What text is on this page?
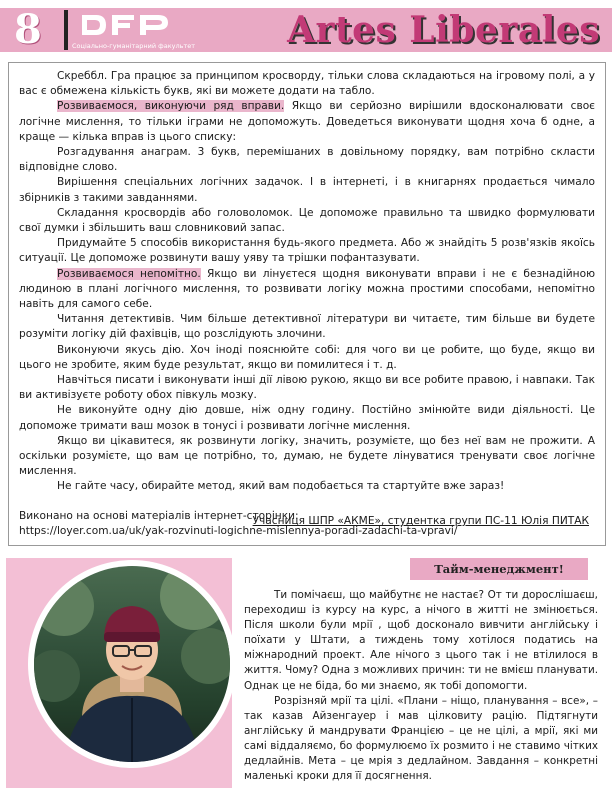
8	Соціально-гуманітарний факультет	Artes Liberales

Скреббл. Гра працює за принципом кросворду, тільки слова складаються на ігровому полі, а у вас є обмежена кількість букв, які ви можете додати на табло.

Розвиваємося, виконуючи ряд вправи. Якщо ви серйозно вирішили вдосконалювати своє логічне мислення, то тільки іграми не допоможуть. Доведеться виконувати щодня хоча б одне, а краще — кілька вправ із цього списку:

Розгадування анаграм. 3 букв, перемішаних в довільному порядку, вам потрібно скласти відповідне слово.

Вирішення спеціальних логічних задачок. І в інтернеті, і в книгарнях продається чимало збірників з такими завданнями.

Складання кросвордів або головоломок. Це допоможе правильно та швидко формулювати свої думки і збільшить ваш словниковий запас.

Придумайте 5 способів використання будь-якого предмета. Або ж знайдіть 5 розв'язків якоїсь ситуації. Це допоможе розвинути вашу уяву та трішки пофантазувати.

Розвиваємося непомітно. Якщо ви лінуєтеся щодня виконувати вправи і не є безнадійною людиною в плані логічного мислення, то розвивати логіку можна простими способами, непомітно навіть для самого себе.

Читання детективів. Чим більше детективної літератури ви читаєте, тим більше ви будете розуміти логіку дій фахівців, що розслідують злочини.

Виконуючи якусь дію. Хоч іноді пояснюйте собі: для чого ви це робите, що буде, якщо ви цього не зробите, яким буде результат, якщо ви помилитеся і т. д.

Навчіться писати і виконувати інші дії лівою рукою, якщо ви все робите правою, і навпаки. Так ви активізуєте роботу обох півкуль мозку.

Не виконуйте одну дію довше, ніж одну годину. Постійно змінюйте види діяльності. Це допоможе тримати ваш мозок в тонусі і розвивати логічне мислення.

Якщо ви цікавитеся, як розвинути логіку, значить, розумієте, що без неї вам не прожити. А оскільки розумієте, що вам це потрібно, то, думаю, не будете лінуватися тренувати своє логічне мислення.

Не гайте часу, обирайте метод, який вам подобається та стартуйте вже зараз!

Виконано на основі матеріалів інтернет-сторінки:

https://loyer.com.ua/uk/yak-rozvinuti-logichne-mislennya-poradi-zadachi-ta-vpravi/

Учасниця ШПР «АКМЕ», студентка групи ПС-11 Юлія ПИТАК
Тайм-менеджмент!

Ти помічаєш, що майбутнє не настає? От ти дорослішаєш, переходиш із курсу на курс, а нічого в житті не змінюється. Після школи були мрії , щоб досконало вивчити англійську і поїхати у Штати, а тиждень тому хотілося податись на міжнародний проект. Але нічого з цього так і не втілилося в життя. Чому? Одна з можливих причин: ти не вмієш планувати. Однак це не біда, бо ми знаємо, як тобі допомогти.

Розрізняй мрії та цілі. «Плани – ніщо, планування – все», – так казав Айзенгауер і мав цілковиту рацію. Підтягнути англійську й мандрувати Францією – це не цілі, а мрії, які ми самі віддаляємо, бо формулюємо їх розмито і не ставимо чітких дедлайнів. Мета – це мрія з дедлайном. Завдання – конкретні маленькі кроки для її досягнення.
